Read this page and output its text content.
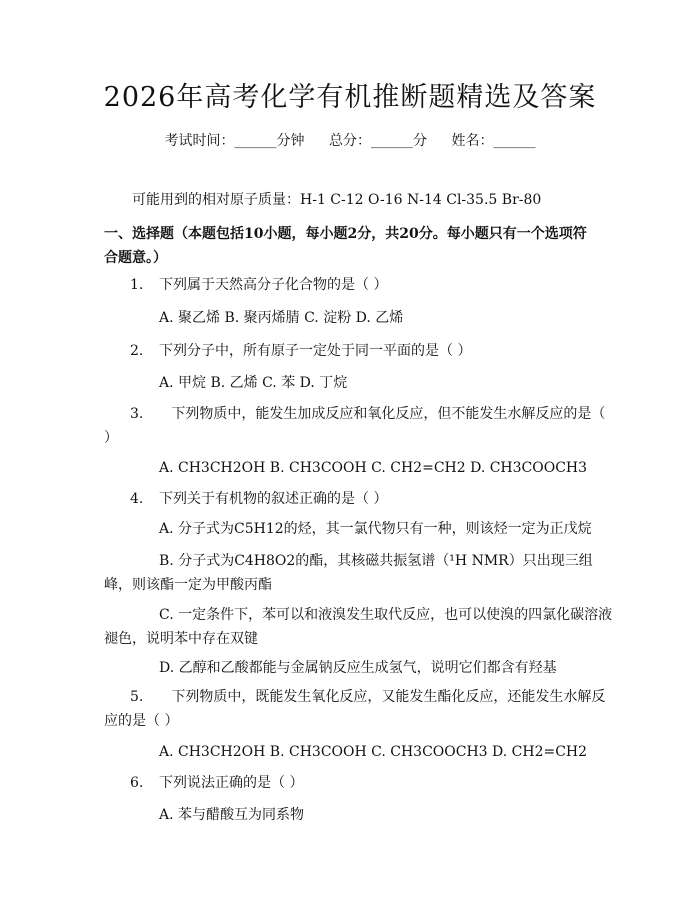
2026年高考化学有机推断题精选及答案
考试时间：______分钟 总分：______分 姓名：______
可能用到的相对原子质量：H-1 C-12 O-16 N-14 Cl-35.5 Br-80
一、选择题（本题包括10小题，每小题2分，共20分。每小题只有一个选项符合题意。）
1. 下列属于天然高分子化合物的是（ ）
A. 聚乙烯 B. 聚丙烯腈 C. 淀粉 D. 乙烯
2. 下列分子中，所有原子一定处于同一平面的是（ ）
A. 甲烷 B. 乙烯 C. 苯 D. 丁烷
3.   下列物质中，能发生加成反应和氧化反应，但不能发生水解反应的是（ ）
A. CH3CH2OH B. CH3COOH C. CH2=CH2 D. CH3COOCH3
4. 下列关于有机物的叙述正确的是（ ）
A. 分子式为C5H12的烃，其一氯代物只有一种，则该烃一定为正戊烷
B. 分子式为C4H8O2的酯，其核磁共振氢谱（¹H NMR）只出现三组峰，则该酯一定为甲酸丙酯
C. 一定条件下，苯可以和液溴发生取代反应，也可以使溴的四氯化碳溶液褪色，说明苯中存在双键
D. 乙醇和乙酸都能与金属钠反应生成氢气，说明它们都含有羟基
5.   下列物质中，既能发生氧化反应，又能发生酯化反应，还能发生水解反应的是（ ）
A. CH3CH2OH B. CH3COOH C. CH3COOCH3 D. CH2=CH2
6. 下列说法正确的是（ ）
A. 苯与醋酸互为同系物
